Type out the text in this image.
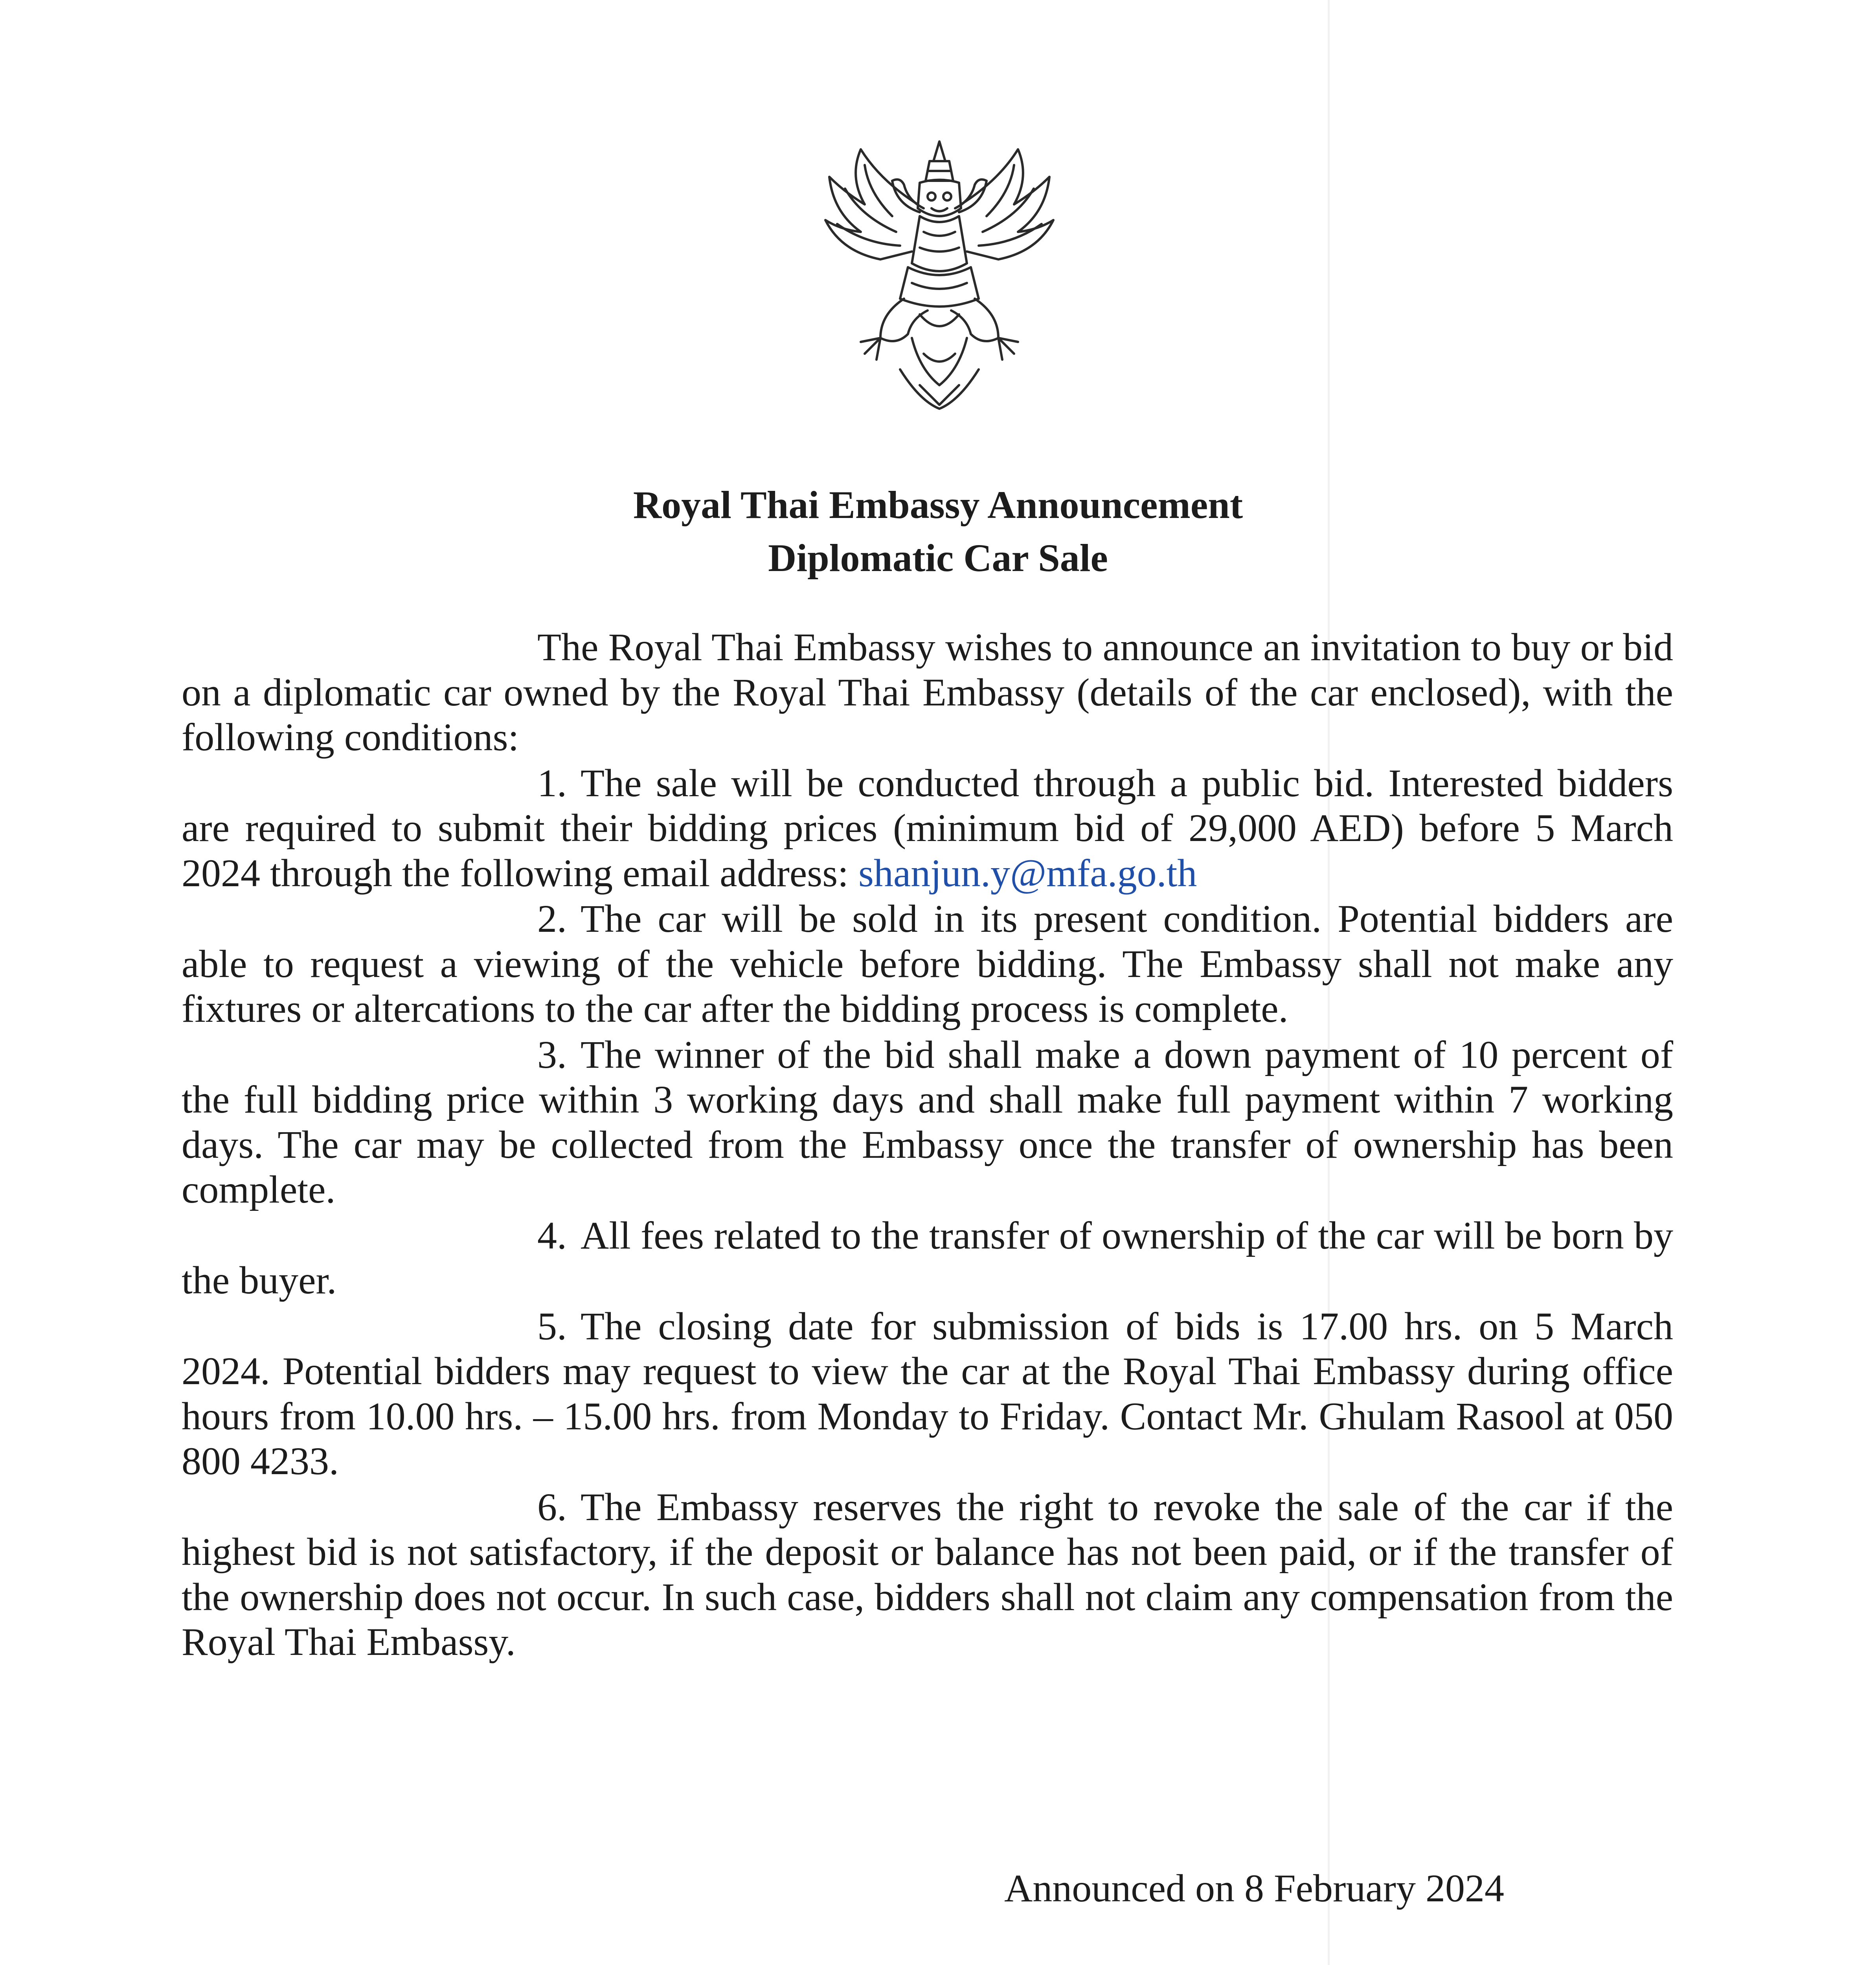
Royal Thai Embassy Announcement

Diplomatic Car Sale

The Royal Thai Embassy wishes to announce an invitation to buy or bid on a diplomatic car owned by the Royal Thai Embassy (details of the car enclosed), with the following conditions:

1. The sale will be conducted through a public bid. Interested bidders are required to submit their bidding prices (minimum bid of 29,000 AED) before 5 March 2024 through the following email address: shanjun.y@mfa.go.th

2. The car will be sold in its present condition. Potential bidders are able to request a viewing of the vehicle before bidding. The Embassy shall not make any fixtures or altercations to the car after the bidding process is complete.

3. The winner of the bid shall make a down payment of 10 percent of the full bidding price within 3 working days and shall make full payment within 7 working days. The car may be collected from the Embassy once the transfer of ownership has been complete.

4. All fees related to the transfer of ownership of the car will be born by the buyer.

5. The closing date for submission of bids is 17.00 hrs. on 5 March 2024. Potential bidders may request to view the car at the Royal Thai Embassy during office hours from 10.00 hrs. – 15.00 hrs. from Monday to Friday. Contact Mr. Ghulam Rasool at 050 800 4233.

6. The Embassy reserves the right to revoke the sale of the car if the highest bid is not satisfactory, if the deposit or balance has not been paid, or if the transfer of the ownership does not occur. In such case, bidders shall not claim any compensation from the Royal Thai Embassy.

Announced on 8 February 2024
